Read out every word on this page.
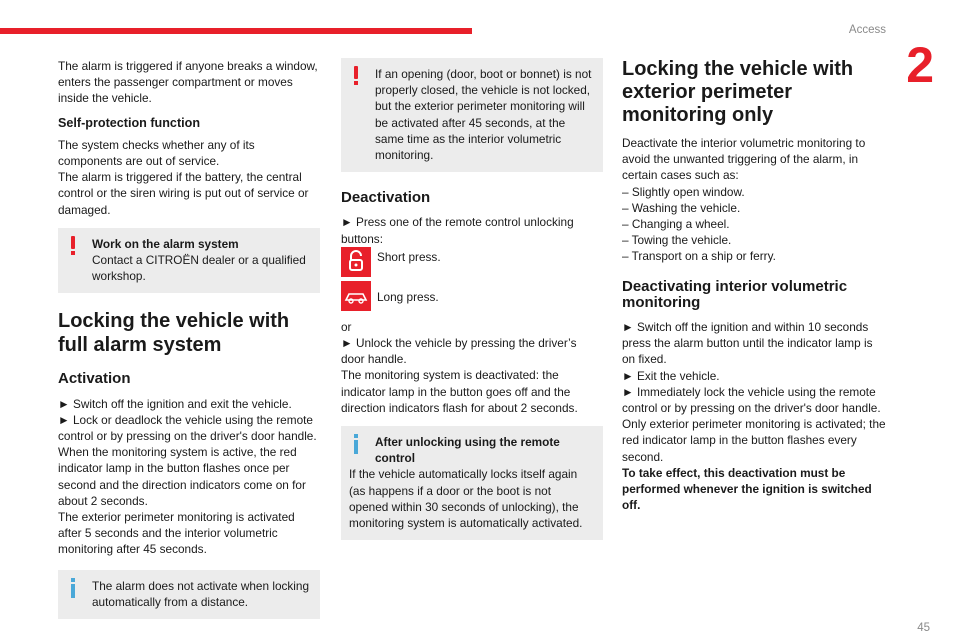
Access
2

The alarm is triggered if anyone breaks a window, enters the passenger compartment or moves inside the vehicle.

Self-protection function

The system checks whether any of its components are out of service.

The alarm is triggered if the battery, the central control or the siren wiring is put out of service or damaged.

Work on the alarm system
Contact a CITROËN dealer or a qualified workshop.
Locking the vehicle with full alarm system
Activation

► Switch off the ignition and exit the vehicle.

► Lock or deadlock the vehicle using the remote control or by pressing on the driver's door handle.

When the monitoring system is active, the red indicator lamp in the button flashes once per second and the direction indicators come on for about 2 seconds.

The exterior perimeter monitoring is activated after 5 seconds and the interior volumetric monitoring after 45 seconds.

The alarm does not activate when locking automatically from a distance.
If an opening (door, boot or bonnet) is not properly closed, the vehicle is not locked, but the exterior perimeter monitoring will be activated after 45 seconds, at the same time as the interior volumetric monitoring.
Deactivation

► Press one of the remote control unlocking buttons:

Short press.
Long press.

or

► Unlock the vehicle by pressing the driver’s door handle.

The monitoring system is deactivated: the indicator lamp in the button goes off and the direction indicators flash for about 2 seconds.

After unlocking using the remote control
If the vehicle automatically locks itself again (as happens if a door or the boot is not opened within 30 seconds of unlocking), the monitoring system is automatically activated.
Locking the vehicle with exterior perimeter monitoring only

Deactivate the interior volumetric monitoring to avoid the unwanted triggering of the alarm, in certain cases such as:

– Slightly open window.

– Washing the vehicle.

– Changing a wheel.

– Towing the vehicle.

– Transport on a ship or ferry.

Deactivating interior volumetric monitoring

► Switch off the ignition and within 10 seconds press the alarm button until the indicator lamp is on fixed.

► Exit the vehicle.

► Immediately lock the vehicle using the remote control or by pressing on the driver's door handle.

Only exterior perimeter monitoring is activated; the red indicator lamp in the button flashes every second.

To take effect, this deactivation must be performed whenever the ignition is switched off.

45
